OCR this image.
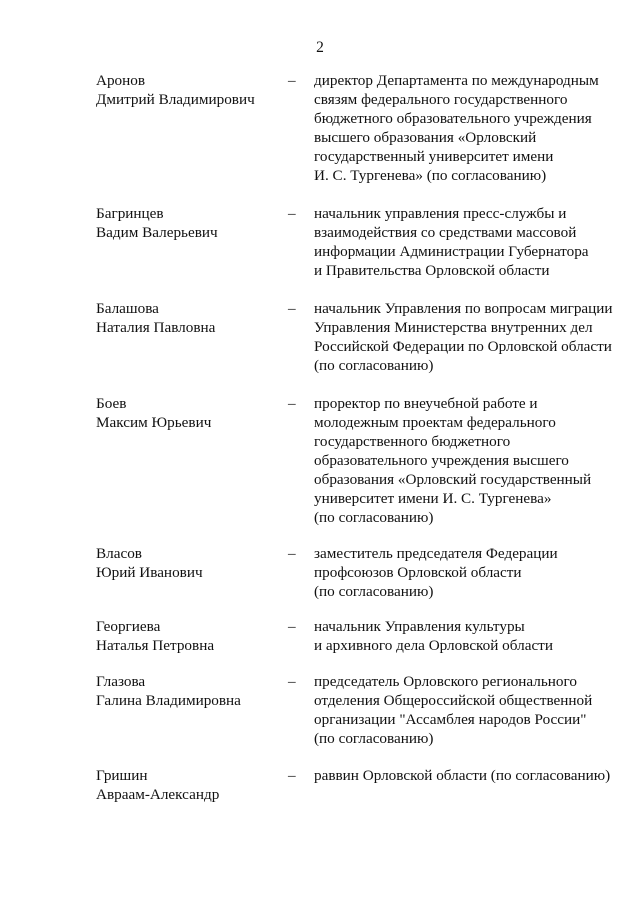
2
Аронов
Дмитрий Владимирович
–	директор Департамента по международным
связям федерального государственного
бюджетного образовательного учреждения
высшего образования «Орловский
государственный университет имени
И. С. Тургенева» (по согласованию)
Багринцев
Вадим Валерьевич
–	начальник управления пресс-службы и
взаимодействия со средствами массовой
информации Администрации Губернатора
и Правительства Орловской области
Балашова
Наталия Павловна
–	начальник Управления по вопросам миграции
Управления Министерства внутренних дел
Российской Федерации по Орловской области
(по согласованию)
Боев
Максим Юрьевич
–	проректор по внеучебной работе и
молодежным проектам федерального
государственного бюджетного
образовательного учреждения высшего
образования «Орловский государственный
университет имени И. С. Тургенева»
(по согласованию)
Власов
Юрий Иванович
–	заместитель председателя Федерации
профсоюзов Орловской области
(по согласованию)
Георгиева
Наталья Петровна
–	начальник Управления культуры
и архивного дела Орловской области
Глазова
Галина Владимировна
–	председатель Орловского регионального
отделения Общероссийской общественной
организации "Ассамблея народов России"
(по согласованию)
Гришин
Авраам-Александр
–	раввин Орловской области (по согласованию)
